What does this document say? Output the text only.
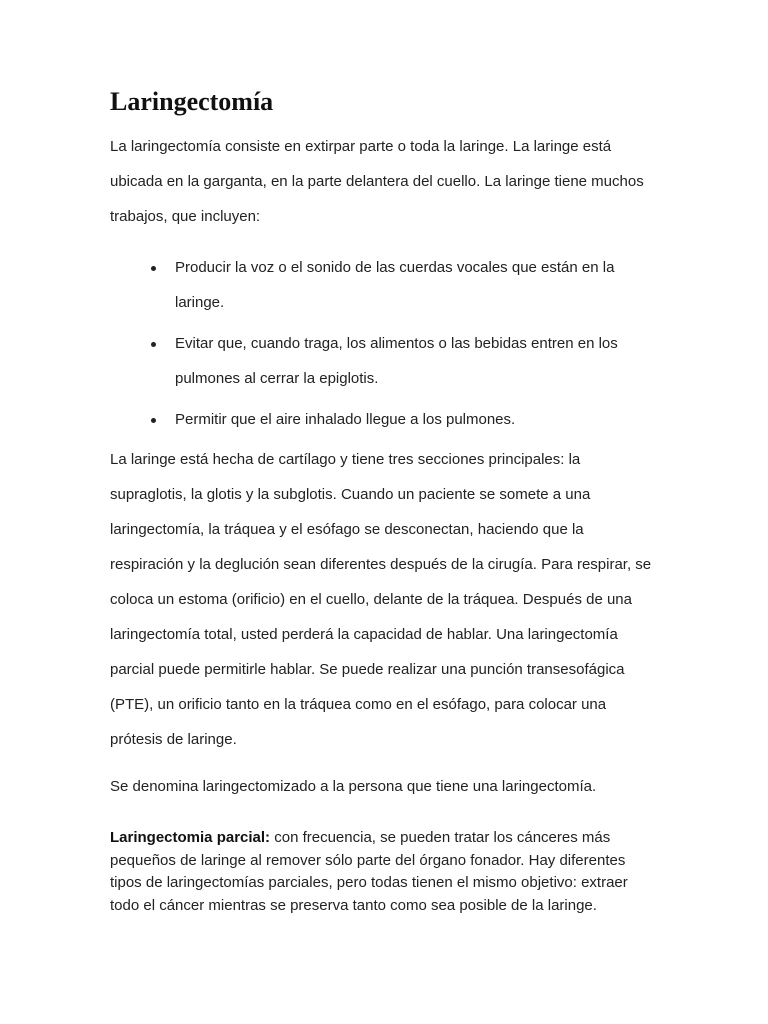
Laringectomía

La laringectomía consiste en extirpar parte o toda la laringe. La laringe está ubicada en la garganta, en la parte delantera del cuello. La laringe tiene muchos trabajos, que incluyen:

Producir la voz o el sonido de las cuerdas vocales que están en la laringe.
Evitar que, cuando traga, los alimentos o las bebidas entren en los pulmones al cerrar la epiglotis.
Permitir que el aire inhalado llegue a los pulmones.

La laringe está hecha de cartílago y tiene tres secciones principales: la supraglotis, la glotis y la subglotis. Cuando un paciente se somete a una laringectomía, la tráquea y el esófago se desconectan, haciendo que la respiración y la deglución sean diferentes después de la cirugía. Para respirar, se coloca un estoma (orificio) en el cuello, delante de la tráquea. Después de una laringectomía total, usted perderá la capacidad de hablar. Una laringectomía parcial puede permitirle hablar. Se puede realizar una punción transesofágica (PTE), un orificio tanto en la tráquea como en el esófago, para colocar una prótesis de laringe.

Se denomina laringectomizado a la persona que tiene una laringectomía.

Laringectomia parcial: con frecuencia, se pueden tratar los cánceres más pequeños de laringe al remover sólo parte del órgano fonador. Hay diferentes tipos de laringectomías parciales, pero todas tienen el mismo objetivo: extraer todo el cáncer mientras se preserva tanto como sea posible de la laringe.
